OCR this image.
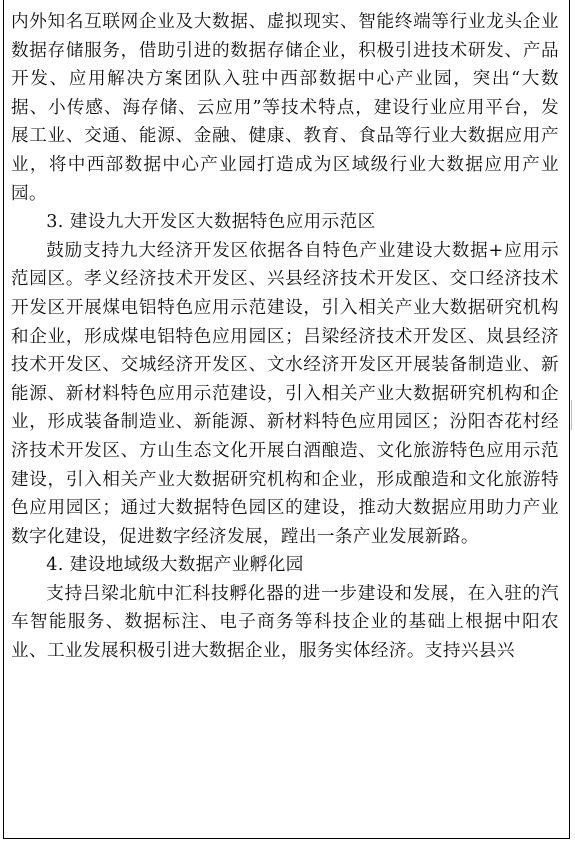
内外知名互联网企业及大数据、虚拟现实、智能终端等行业龙头企业数据存储服务，借助引进的数据存储企业，积极引进技术研发、产品开发、应用解决方案团队入驻中西部数据中心产业园，突出“大数据、小传感、海存储、云应用”等技术特点，建设行业应用平台，发展工业、交通、能源、金融、健康、教育、食品等行业大数据应用产业，将中西部数据中心产业园打造成为区域级行业大数据应用产业园。

3. 建设九大开发区大数据特色应用示范区

鼓励支持九大经济开发区依据各自特色产业建设大数据+应用示范园区。孝义经济技术开发区、兴县经济技术开发区、交口经济技术开发区开展煤电铝特色应用示范建设，引入相关产业大数据研究机构和企业，形成煤电铝特色应用园区；吕梁经济技术开发区、岚县经济技术开发区、交城经济开发区、文水经济开发区开展装备制造业、新能源、新材料特色应用示范建设，引入相关产业大数据研究机构和企业，形成装备制造业、新能源、新材料特色应用园区；汾阳杏花村经济技术开发区、方山生态文化开展白酒酿造、文化旅游特色应用示范建设，引入相关产业大数据研究机构和企业，形成酿造和文化旅游特色应用园区；通过大数据特色园区的建设，推动大数据应用助力产业数字化建设，促进数字经济发展，蹚出一条产业发展新路。

4. 建设地域级大数据产业孵化园

支持吕梁北航中汇科技孵化器的进一步建设和发展，在入驻的汽车智能服务、数据标注、电子商务等科技企业的基础上根据中阳农业、工业发展积极引进大数据企业，服务实体经济。支持兴县兴
